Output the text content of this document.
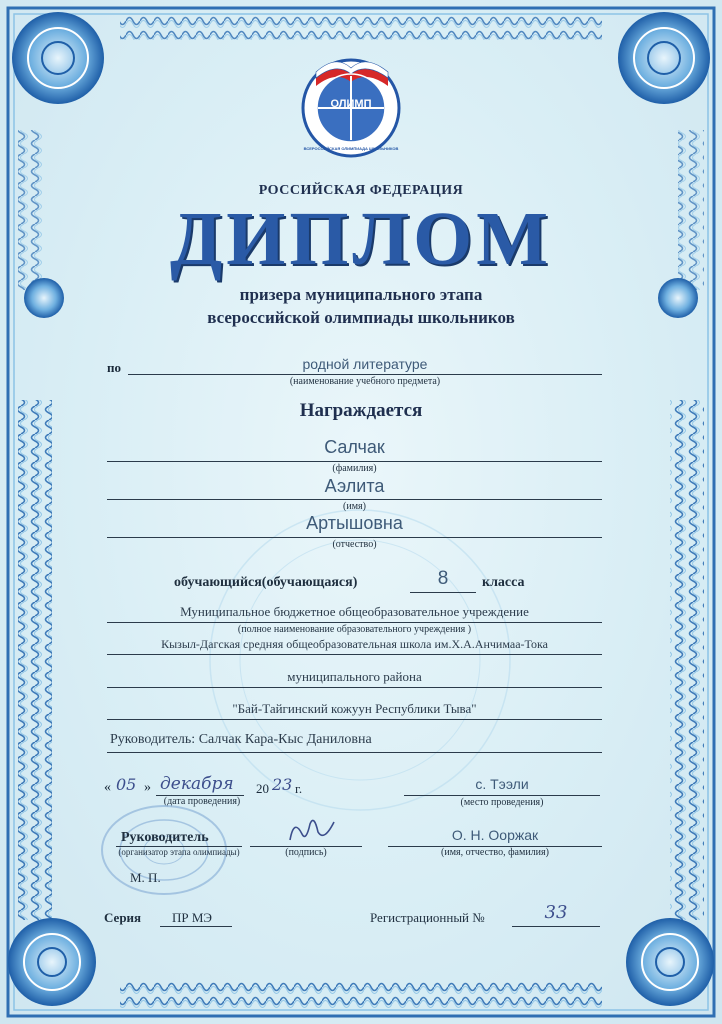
ОЛИМП
ВСЕРОССИЙСКАЯ ОЛИМПИАДА ШКОЛЬНИКОВ
РОССИЙСКАЯ ФЕДЕРАЦИЯ
ДИПЛОМ
призера муниципального этапа
всероссийской олимпиады школьников
по	родной литературе
(наименование учебного предмета)
Награждается
Салчак
(фамилия)
Аэлита
(имя)
Артышовна
(отчество)
обучающийся(обучающаяся)	8	класса
Муниципальное бюджетное общеобразовательное учреждение
(полное наименование образовательного учреждения )
Кызыл-Дагская средняя общеобразовательная школа им.Х.А.Анчимаа-Тока
муниципального района
"Бай-Тайгинский кожуун Республики Тыва"
Руководитель: Салчак Кара-Кыс Даниловна
« 05 » декабря 20 23 г.
(дата проведения)
с. Тээли
(место проведения)
Руководитель
(организатор этапа олимпиады)	(подпись)
О. Н. Ооржак
(имя, отчество, фамилия)
М. П.
Серия ПР МЭ	Регистрационный №	33
